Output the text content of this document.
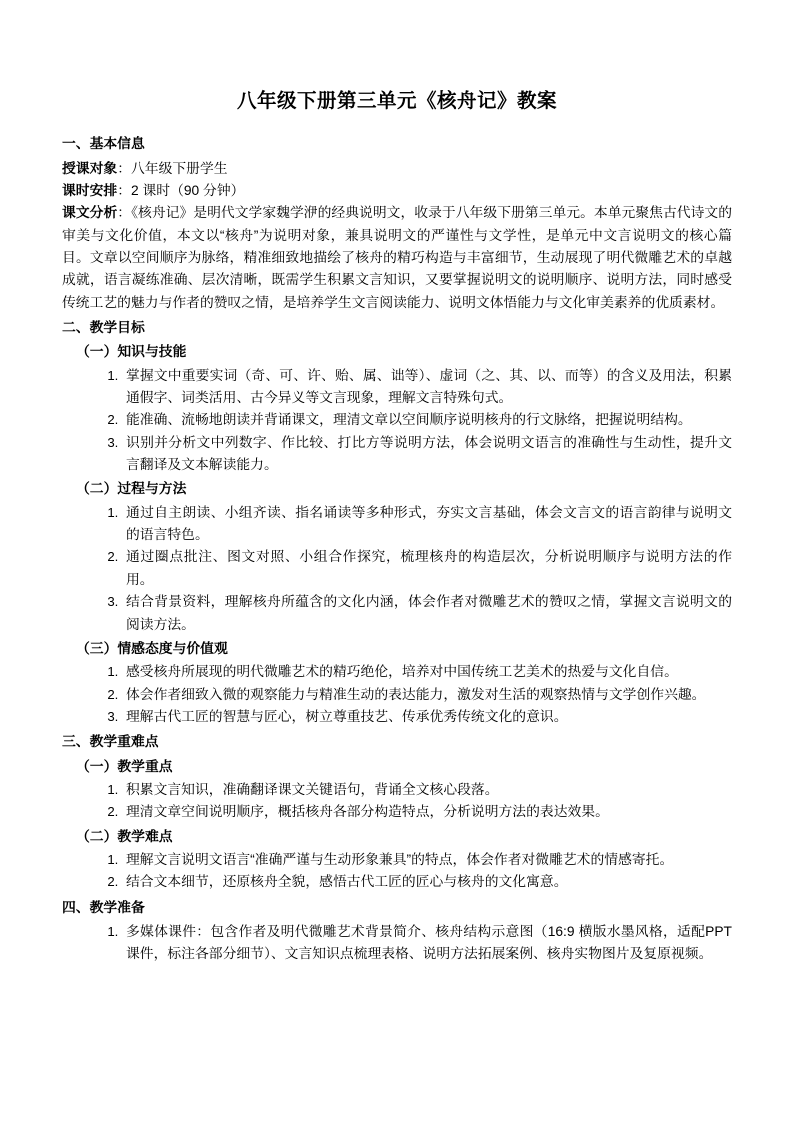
八年级下册第三单元《核舟记》教案
一、基本信息

授课对象：八年级下册学生

课时安排：2 课时（90 分钟）

课文分析：《核舟记》是明代文学家魏学洢的经典说明文，收录于八年级下册第三单元。本单元聚焦古代诗文的审美与文化价值，本文以“核舟”为说明对象，兼具说明文的严谨性与文学性，是单元中文言说明文的核心篇目。文章以空间顺序为脉络，精准细致地描绘了核舟的精巧构造与丰富细节，生动展现了明代微雕艺术的卓越成就，语言凝练准确、层次清晰，既需学生积累文言知识，又要掌握说明文的说明顺序、说明方法，同时感受传统工艺的魅力与作者的赞叹之情，是培养学生文言阅读能力、说明文体悟能力与文化审美素养的优质素材。

二、教学目标
（一）知识与技能
1. 掌握文中重要实词（奇、可、许、贻、属、诎等）、虚词（之、其、以、而等）的含义及用法，积累通假字、词类活用、古今异义等文言现象，理解文言特殊句式。
2. 能准确、流畅地朗读并背诵课文，理清文章以空间顺序说明核舟的行文脉络，把握说明结构。
3. 识别并分析文中列数字、作比较、打比方等说明方法，体会说明文语言的准确性与生动性，提升文言翻译及文本解读能力。
（二）过程与方法
1. 通过自主朗读、小组齐读、指名诵读等多种形式，夯实文言基础，体会文言文的语言韵律与说明文的语言特色。
2. 通过圈点批注、图文对照、小组合作探究，梳理核舟的构造层次，分析说明顺序与说明方法的作用。
3. 结合背景资料，理解核舟所蕴含的文化内涵，体会作者对微雕艺术的赞叹之情，掌握文言说明文的阅读方法。
（三）情感态度与价值观
1. 感受核舟所展现的明代微雕艺术的精巧绝伦，培养对中国传统工艺美术的热爱与文化自信。
2. 体会作者细致入微的观察能力与精准生动的表达能力，激发对生活的观察热情与文学创作兴趣。
3. 理解古代工匠的智慧与匠心，树立尊重技艺、传承优秀传统文化的意识。
三、教学重难点
（一）教学重点
1. 积累文言知识，准确翻译课文关键语句，背诵全文核心段落。
2. 理清文章空间说明顺序，概括核舟各部分构造特点，分析说明方法的表达效果。
（二）教学难点
1. 理解文言说明文语言“准确严谨与生动形象兼具”的特点，体会作者对微雕艺术的情感寄托。
2. 结合文本细节，还原核舟全貌，感悟古代工匠的匠心与核舟的文化寓意。
四、教学准备
1. 多媒体课件：包含作者及明代微雕艺术背景简介、核舟结构示意图（16:9 横版水墨风格，适配PPT课件，标注各部分细节）、文言知识点梳理表格、说明方法拓展案例、核舟实物图片及复原视频。
